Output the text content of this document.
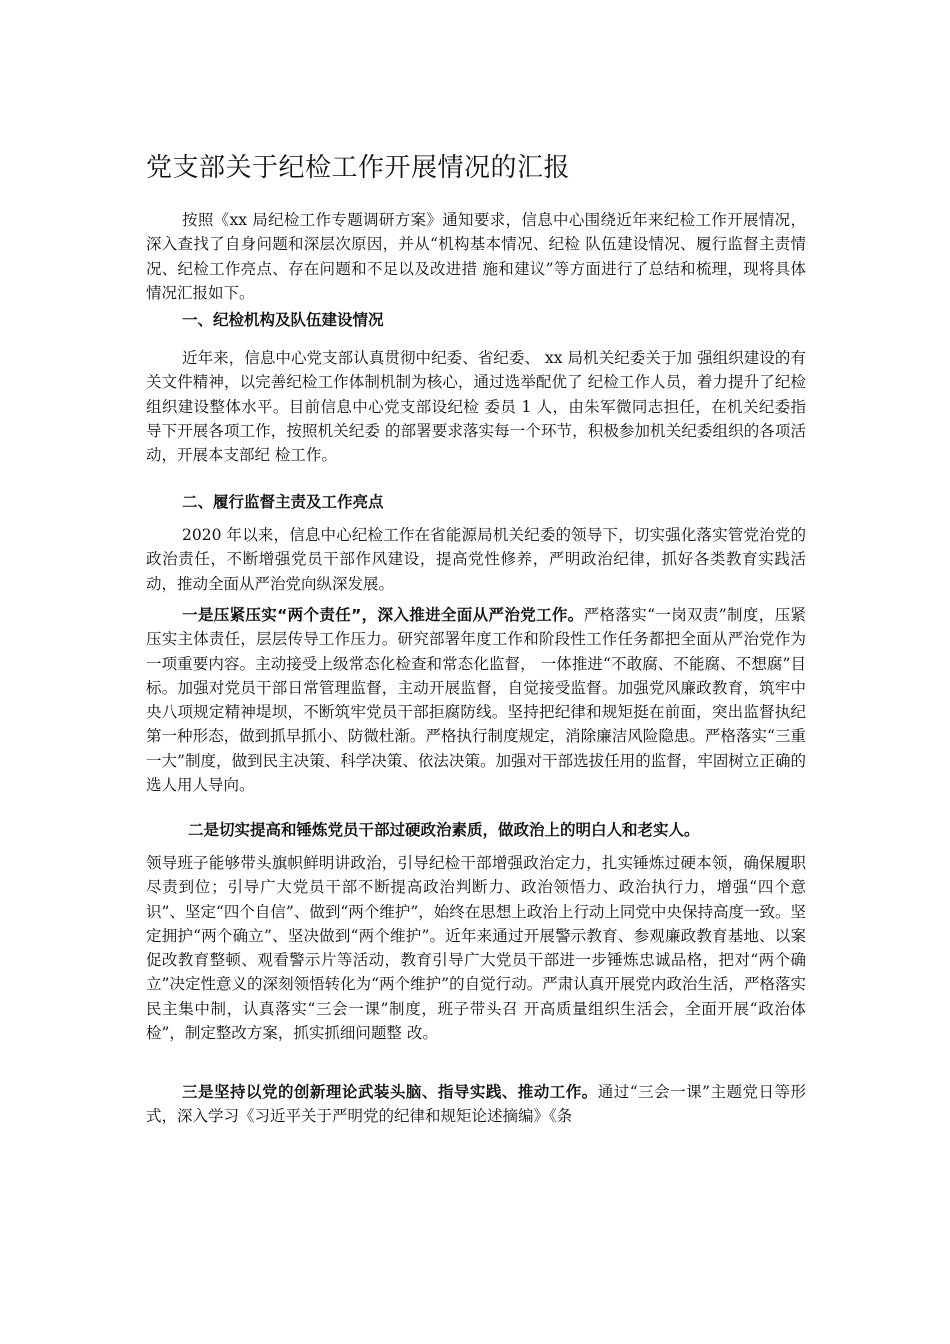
党支部关于纪检工作开展情况的汇报

按照《xx 局纪检工作专题调研方案》通知要求，信息中心围绕近年来纪检工作开展情况，深入查找了自身问题和深层次原因，并从“机构基本情况、纪检 队伍建设情况、履行监督主责情况、纪检工作亮点、存在问题和不足以及改进措 施和建议”等方面进行了总结和梳理，现将具体情况汇报如下。

一、纪检机构及队伍建设情况

近年来，信息中心党支部认真贯彻中纪委、省纪委、 xx 局机关纪委关于加 强组织建设的有关文件精神，以完善纪检工作体制机制为核心，通过选举配优了 纪检工作人员，着力提升了纪检组织建设整体水平。目前信息中心党支部设纪检 委员 1 人，由朱军微同志担任，在机关纪委指导下开展各项工作，按照机关纪委 的部署要求落实每一个环节，积极参加机关纪委组织的各项活动，开展本支部纪 检工作。

二、履行监督主责及工作亮点

2020 年以来，信息中心纪检工作在省能源局机关纪委的领导下，切实强化落实管党治党的政治责任，不断增强党员干部作风建设，提高党性修养，严明政治纪律，抓好各类教育实践活动，推动全面从严治党向纵深发展。

一是压紧压实“两个责任”，深入推进全面从严治党工作。严格落实“一岗双责”制度，压紧压实主体责任，层层传导工作压力。研究部署年度工作和阶段性工作任务都把全面从严治党作为一项重要内容。主动接受上级常态化检查和常态化监督， 一体推进“不敢腐、不能腐、不想腐”目标。加强对党员干部日常管理监督，主动开展监督，自觉接受监督。加强党风廉政教育，筑牢中央八项规定精神堤坝，不断筑牢党员干部拒腐防线。坚持把纪律和规矩挺在前面，突出监督执纪第一种形态，做到抓早抓小、防微杜渐。严格执行制度规定，消除廉洁风险隐患。严格落实“三重一大”制度，做到民主决策、科学决策、依法决策。加强对干部选拔任用的监督，牢固树立正确的选人用人导向。

二是切实提高和锤炼党员干部过硬政治素质，做政治上的明白人和老实人。

领导班子能够带头旗帜鲜明讲政治，引导纪检干部增强政治定力，扎实锤炼过硬本领，确保履职尽责到位；引导广大党员干部不断提高政治判断力、政治领悟力、政治执行力，增强“四个意识”、坚定“四个自信”、做到“两个维护”，始终在思想上政治上行动上同党中央保持高度一致。坚定拥护“两个确立”、坚决做到“两个维护”。近年来通过开展警示教育、参观廉政教育基地、以案促改教育整顿、观看警示片等活动，教育引导广大党员干部进一步锤炼忠诚品格，把对“两个确立”决定性意义的深刻领悟转化为“两个维护”的自觉行动。严肃认真开展党内政治生活，严格落实民主集中制，认真落实“三会一课”制度，班子带头召 开高质量组织生活会，全面开展“政治体检”，制定整改方案，抓实抓细问题整 改。

三是坚持以党的创新理论武装头脑、指导实践、推动工作。通过“三会一课”主题党日等形式，深入学习《习近平关于严明党的纪律和规矩论述摘编》《条
